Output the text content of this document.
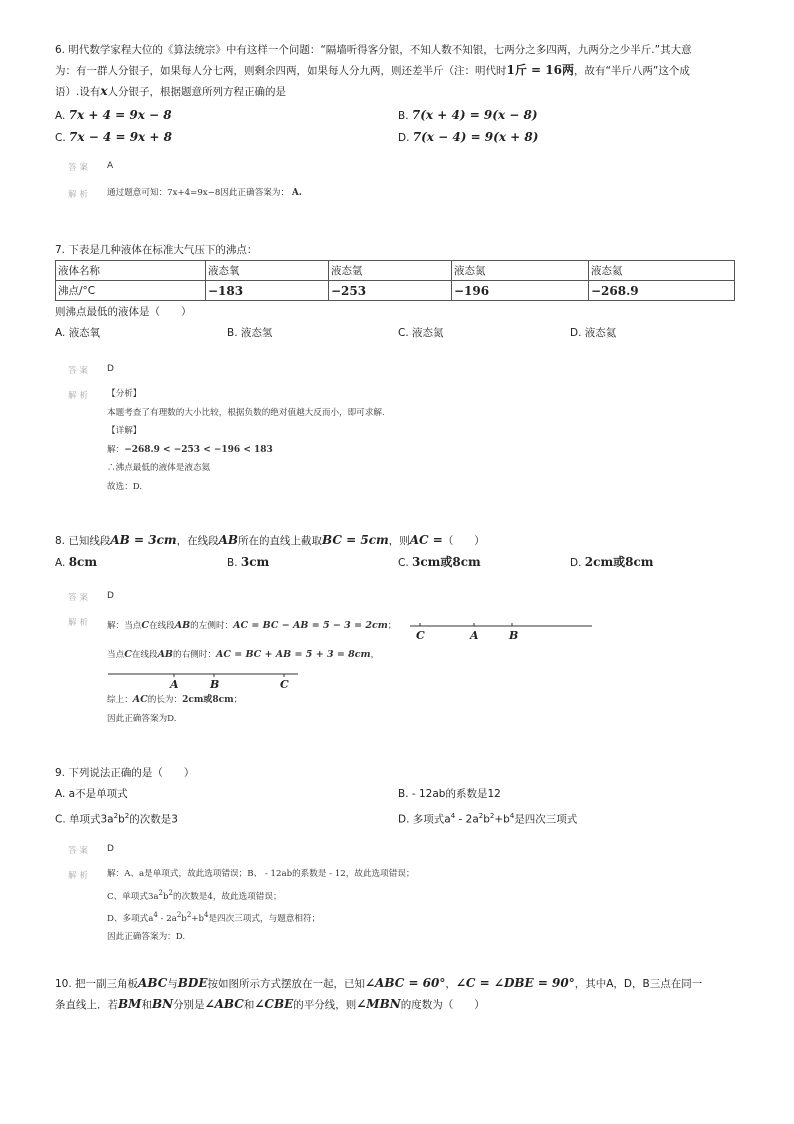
6. 明代数学家程大位的《算法统宗》中有这样一个问题：“隔墙听得客分银，不知人数不知银，七两分之多四两，九两分之少半斤.”其大意
为：有一群人分银子，如果每人分七两，则剩余四两，如果每人分九两，则还差半斤（注：明代时1斤 = 16两，故有“半斤八两”这个成
语）.设有x人分银子，根据题意所列方程正确的是
A. 7x + 4 = 9x − 8	B. 7(x + 4) = 9(x − 8)
C. 7x − 4 = 9x + 8	D. 7(x − 4) = 9(x + 8)
答案 A
解析 通过题意可知：7x+4=9x−8因此正确答案为： A.
7. 下表是几种液体在标准大气压下的沸点：
液体名称	液态氧	液态氩	液态氮	液态氦
沸点/°C	−183	−253	−196	−268.9
则沸点最低的液体是（　　）
A. 液态氧	B. 液态氢	C. 液态氮	D. 液态氦
答案 D
解析 【分析】
本题考查了有理数的大小比较，根据负数的绝对值越大反而小，即可求解.
【详解】
解：−268.9 < −253 < −196 < 183
∴沸点最低的液体是液态氦
故选：D.
8. 已知线段AB = 3cm，在线段AB所在的直线上截取BC = 5cm，则AC =（　　）
A. 8cm	B. 3cm	C. 3cm或8cm	D. 2cm或8cm
答案 D
解析 解：当点C在线段AB的左侧时：AC = BC − AB = 5 − 3 = 2cm；
C	A	B
当点C在线段AB的右侧时：AC = BC + AB = 5 + 3 = 8cm，
A	B	C
综上：AC的长为：2cm或8cm；
因此正确答案为D.
9. 下列说法正确的是（　　）
A. a不是单项式	B. - 12ab的系数是12
C. 单项式$3a^2b^2$的次数是3	D. 多项式$a^4 - 2a^2b^2+b^4$是四次三项式
答案 D
解析 解：A、a是单项式，故此选项错误；B、 - 12ab的系数是 - 12，故此选项错误；
C、单项式$3a^2b^2$的次数是4，故此选项错误；
D、多项式$a^4 - 2a^2b^2+b^4$是四次三项式，与题意相符；
因此正确答案为：D.
10. 把一副三角板ABC与BDE按如图所示方式摆放在一起，已知∠ABC = 60°，∠C = ∠DBE = 90°，其中A，D，B三点在同一
条直线上．若BM和BN分别是∠ABC和∠CBE的平分线，则∠MBN的度数为（　　）
